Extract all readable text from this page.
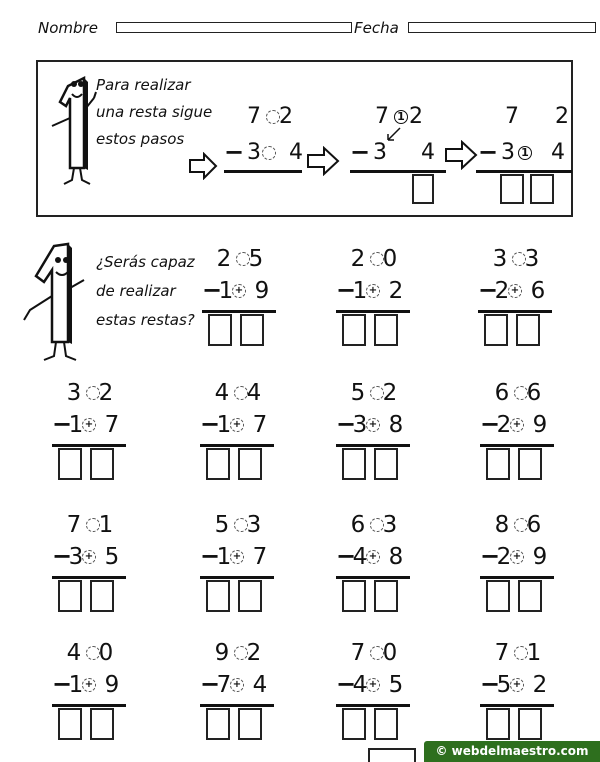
Nombre	Fecha
Para realizar
una resta sigue
estos pasos
7 2
− 3 4
7 1 2
− 3 4
7 2
− 3 1 4
¿Serás capaz
de realizar
estas restas?
2 5
−
1 + 9
2 0
−
1 + 2
3 3
−
2 + 6
3 2
−
1 + 7
4 4
−
1 + 7
5 2
−
3 + 8
6 6
−
2 + 9
7 1
−
3 + 5
5 3
−
1 + 7
6 3
−
4 + 8
8 6
−
2 + 9
4 0
−
1 + 9
9 2
−
7 + 4
7 0
−
4 + 5
7 1
−
5 + 2
© webdelmaestro.com
